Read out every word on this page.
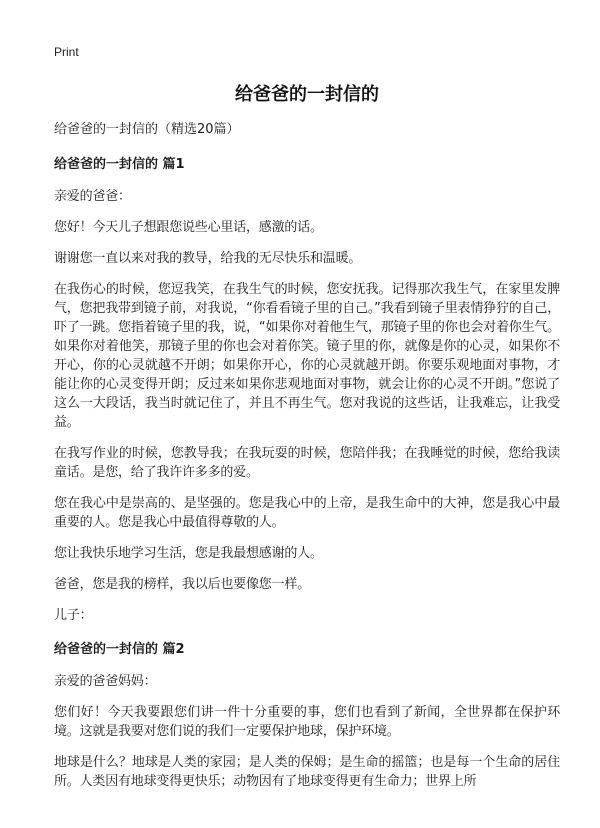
Print
给爸爸的一封信的
给爸爸的一封信的（精选20篇）
给爸爸的一封信的 篇1
亲爱的爸爸：
您好！今天儿子想跟您说些心里话，感激的话。
谢谢您一直以来对我的教导，给我的无尽快乐和温暖。
在我伤心的时候，您逗我笑，在我生气的时候，您安抚我。记得那次我生气，在家里发脾气，您把我带到镜子前，对我说，“你看看镜子里的自己。”我看到镜子里表情狰狞的自己，吓了一跳。您指着镜子里的我，说，“如果你对着他生气，那镜子里的你也会对着你生气。如果你对着他笑，那镜子里的你也会对着你笑。镜子里的你，就像是你的心灵，如果你不开心，你的心灵就越不开朗；如果你开心，你的心灵就越开朗。你要乐观地面对事物，才能让你的心灵变得开朗；反过来如果你悲观地面对事物，就会让你的心灵不开朗。”您说了这么一大段话，我当时就记住了，并且不再生气。您对我说的这些话，让我难忘，让我受益。
在我写作业的时候，您教导我；在我玩耍的时候，您陪伴我；在我睡觉的时候，您给我读童话。是您，给了我许许多多的爱。
您在我心中是崇高的、是坚强的。您是我心中的上帝，是我生命中的大神，您是我心中最重要的人。您是我心中最值得尊敬的人。
您让我快乐地学习生活，您是我最想感谢的人。
爸爸，您是我的榜样，我以后也要像您一样。
儿子：
给爸爸的一封信的 篇2
亲爱的爸爸妈妈：
您们好！今天我要跟您们讲一件十分重要的事，您们也看到了新闻，全世界都在保护环境。这就是我要对您们说的我们一定要保护地球，保护环境。
地球是什么？地球是人类的家园；是人类的保姆；是生命的摇篮；也是每一个生命的居住所。人类因有地球变得更快乐；动物因有了地球变得更有生命力；世界上所
